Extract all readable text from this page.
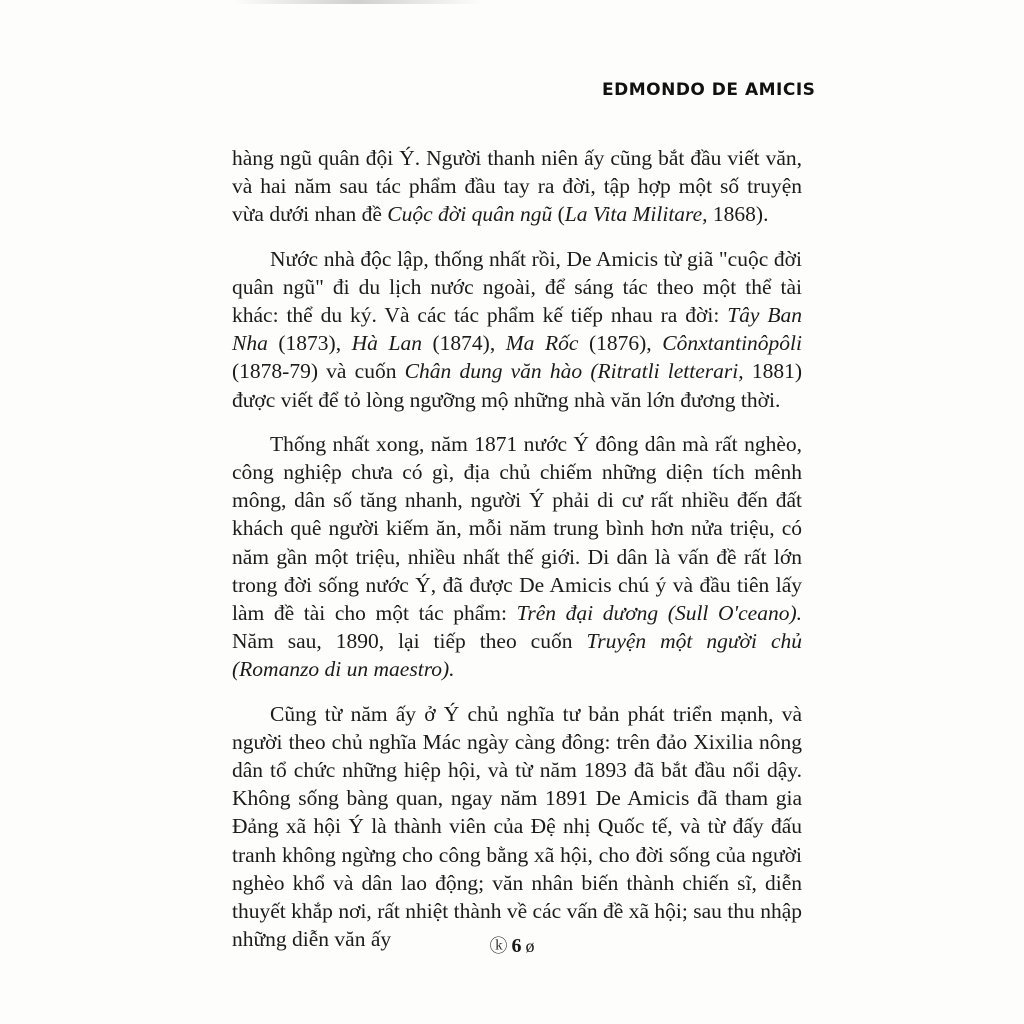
EDMONDO DE AMICIS

hàng ngũ quân đội Ý. Người thanh niên ấy cũng bắt đầu viết văn, và hai năm sau tác phẩm đầu tay ra đời, tập hợp một số truyện vừa dưới nhan đề Cuộc đời quân ngũ (La Vita Militare, 1868).

Nước nhà độc lập, thống nhất rồi, De Amicis từ giã "cuộc đời quân ngũ" đi du lịch nước ngoài, để sáng tác theo một thể tài khác: thể du ký. Và các tác phẩm kế tiếp nhau ra đời: Tây Ban Nha (1873), Hà Lan (1874), Ma Rốc (1876), Cônxtantinôpôli (1878-79) và cuốn Chân dung văn hào (Ritratli letterari, 1881) được viết để tỏ lòng ngưỡng mộ những nhà văn lớn đương thời.

Thống nhất xong, năm 1871 nước Ý đông dân mà rất nghèo, công nghiệp chưa có gì, địa chủ chiếm những diện tích mênh mông, dân số tăng nhanh, người Ý phải di cư rất nhiều đến đất khách quê người kiếm ăn, mỗi năm trung bình hơn nửa triệu, có năm gần một triệu, nhiều nhất thế giới. Di dân là vấn đề rất lớn trong đời sống nước Ý, đã được De Amicis chú ý và đầu tiên lấy làm đề tài cho một tác phẩm: Trên đại dương (Sull O'ceano). Năm sau, 1890, lại tiếp theo cuốn Truyện một người chủ (Romanzo di un maestro).

Cũng từ năm ấy ở Ý chủ nghĩa tư bản phát triển mạnh, và người theo chủ nghĩa Mác ngày càng đông: trên đảo Xixilia nông dân tổ chức những hiệp hội, và từ năm 1893 đã bắt đầu nổi dậy. Không sống bàng quan, ngay năm 1891 De Amicis đã tham gia Đảng xã hội Ý là thành viên của Đệ nhị Quốc tế, và từ đấy đấu tranh không ngừng cho công bằng xã hội, cho đời sống của người nghèo khổ và dân lao động; văn nhân biến thành chiến sĩ, diễn thuyết khắp nơi, rất nhiệt thành về các vấn đề xã hội; sau thu nhập những diễn văn ấy	ⓚ 6 ø
